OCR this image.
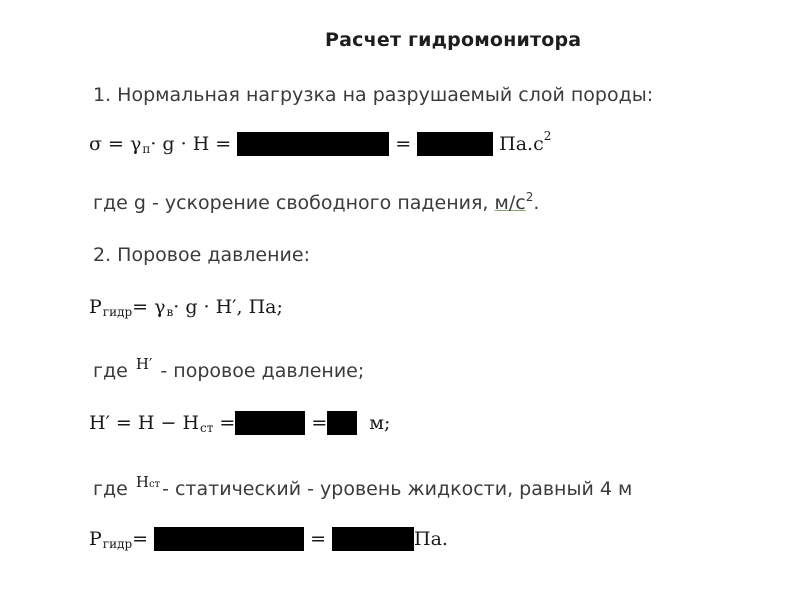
Расчет гидромонитора
1. Нормальная нагрузка на разрушаемый слой породы:
σ = γ п · g · H =	=	Па.с 2
где g - ускорение свободного падения, $м/с^2$.
2. Поровое давление:
P гидр = γ в · g · H′, Па;
где $^{H'}$ - поровое давление;
H′ = H − H ст =	= м;
где $^{Hст}$ - статический - уровень жидкости, равный 4 м
P гидр =	=	Па.
